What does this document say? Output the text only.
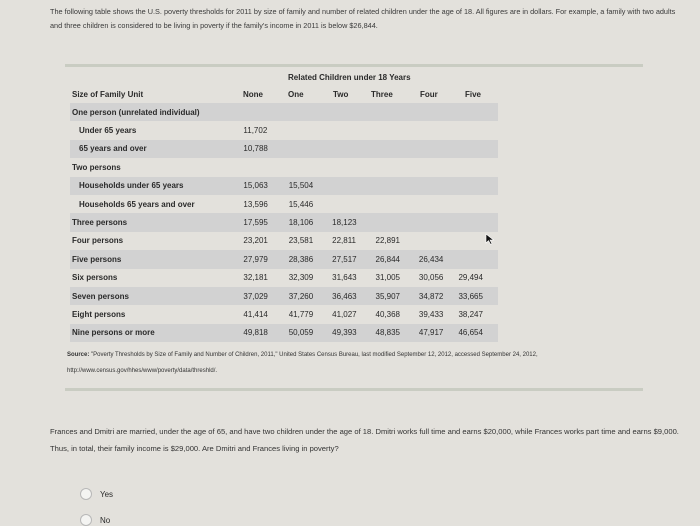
The following table shows the U.S. poverty thresholds for 2011 by size of family and number of related children under the age of 18. All figures are in dollars. For example, a family with two adults and three children is considered to be living in poverty if the family's income in 2011 is below $26,844.
Related Children under 18 Years
Size of Family Unit	None	One	Two	Three	Four	Five
One person (unrelated individual)						
Under 65 years	11,702					
65 years and over	10,788					
Two persons						
Households under 65 years	15,063	15,504				
Households 65 years and over	13,596	15,446				
Three persons	17,595	18,106	18,123			
Four persons	23,201	23,581	22,811	22,891		
Five persons	27,979	28,386	27,517	26,844	26,434	
Six persons	32,181	32,309	31,643	31,005	30,056	29,494
Seven persons	37,029	37,260	36,463	35,907	34,872	33,665
Eight persons	41,414	41,779	41,027	40,368	39,433	38,247
Nine persons or more	49,818	50,059	49,393	48,835	47,917	46,654
Source: "Poverty Thresholds by Size of Family and Number of Children, 2011," United States Census Bureau, last modified September 12, 2012, accessed September 24, 2012, http://www.census.gov/hhes/www/poverty/data/threshld/.
Frances and Dmitri are married, under the age of 65, and have two children under the age of 18. Dmitri works full time and earns $20,000, while Frances works part time and earns $9,000. Thus, in total, their family income is $29,000. Are Dmitri and Frances living in poverty?
Yes
No
